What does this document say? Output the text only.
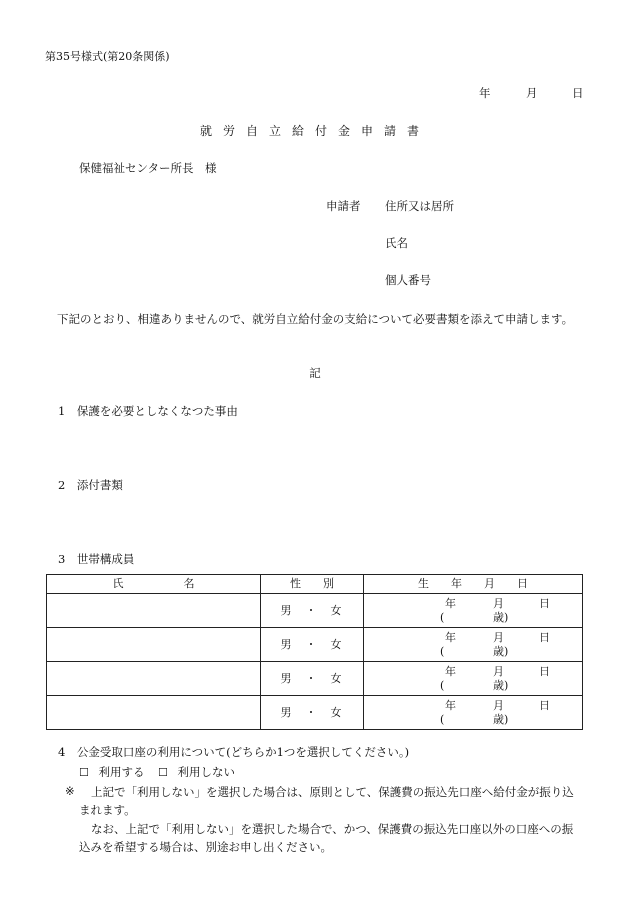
第35号様式(第20条関係)
年	月	日
就労自立給付金申請書
保健福祉センター所長　様
申請者 住所又は居所
氏名
個人番号
下記のとおり、相違ありませんので、就労自立給付金の支給について必要書類を添えて申請します。
記
1　保護を必要としなくなつた事由
2　添付書類
3　世帯構成員
氏 名	性 別	生 年 月 日
	男 ・ 女	年 月 日
( 歳)

	男 ・ 女	年 月 日
( 歳)

	男 ・ 女	年 月 日
( 歳)

	男 ・ 女	年 月 日
( 歳)
4　公金受取口座の利用について(どちらか1つを選択してください。)
☐ 利用する ☐ 利用しない
※ 上記で「利用しない」を選択した場合は、原則として、保護費の振込先口座へ給付金が振り込
まれます。
なお、上記で「利用しない」を選択した場合で、かつ、保護費の振込先口座以外の口座への振
込みを希望する場合は、別途お申し出ください。
